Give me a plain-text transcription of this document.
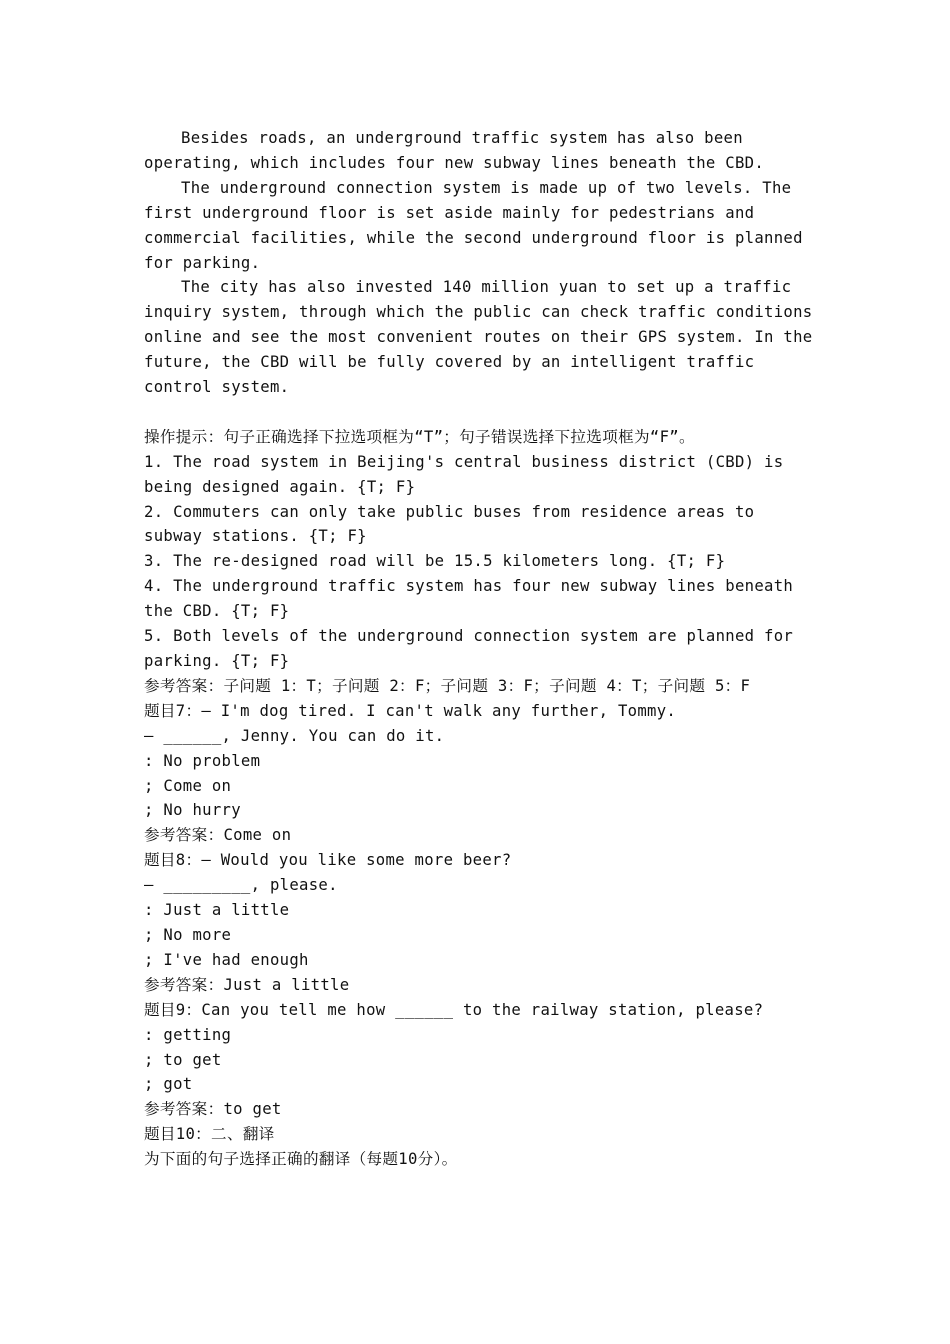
Besides roads, an underground traffic system has also been operating, which includes four new subway lines beneath the CBD.

The underground connection system is made up of two levels. The first underground floor is set aside mainly for pedestrians and commercial facilities, while the second underground floor is planned for parking.

The city has also invested 140 million yuan to set up a traffic inquiry system, through which the public can check traffic conditions online and see the most convenient routes on their GPS system. In the future, the CBD will be fully covered by an intelligent traffic control system.

操作提示：句子正确选择下拉选项框为“T”；句子错误选择下拉选项框为“F”。

1. The road system in Beijing's central business district (CBD) is being designed again. {T; F}

2. Commuters can only take public buses from residence areas to subway stations. {T; F}

3. The re-designed road will be 15.5 kilometers long. {T; F}

4. The underground traffic system has four new subway lines beneath the CBD. {T; F}

5. Both levels of the underground connection system are planned for parking. {T; F}

参考答案：子问题 1：T；子问题 2：F；子问题 3：F；子问题 4：T；子问题 5：F

题目7：— I'm dog tired. I can't walk any further, Tommy.

— ______, Jenny. You can do it.

: No problem

; Come on

; No hurry

参考答案：Come on

题目8：— Would you like some more beer?

— _________, please.

: Just a little

; No more

; I've had enough

参考答案：Just a little

题目9：Can you tell me how ______ to the railway station, please?

: getting

; to get

; got

参考答案：to get

题目10：二、翻译

为下面的句子选择正确的翻译（每题10分）。
